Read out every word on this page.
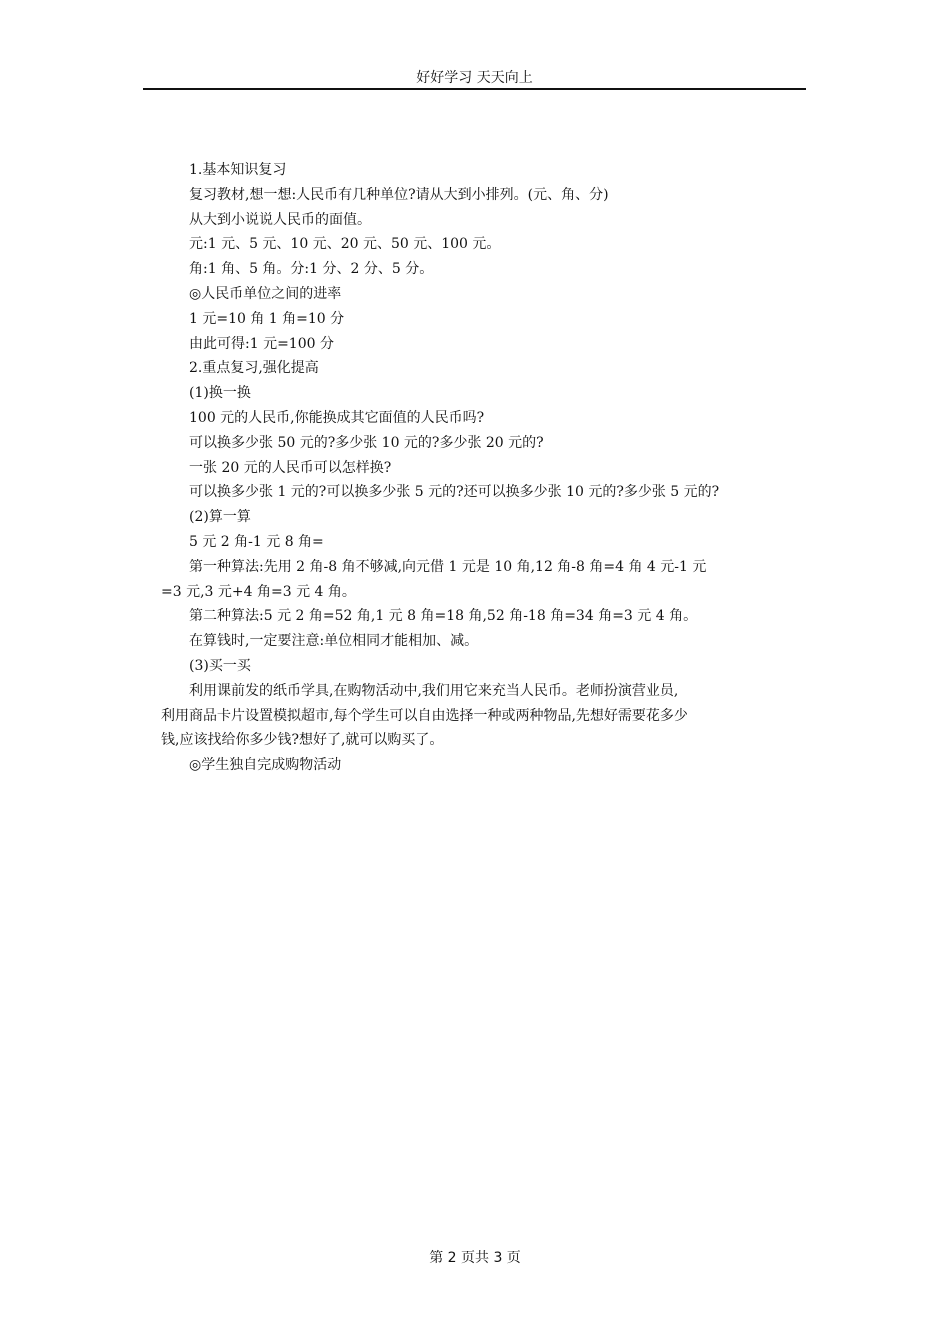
好好学习 天天向上
1.基本知识复习
复习教材,想一想:人民币有几种单位?请从大到小排列。(元、角、分)
从大到小说说人民币的面值。
元:1 元、5 元、10 元、20 元、50 元、100 元。
角:1 角、5 角。分:1 分、2 分、5 分。
◎人民币单位之间的进率
1 元=10 角 1 角=10 分
由此可得:1 元=100 分
2.重点复习,强化提高
(1)换一换
100 元的人民币,你能换成其它面值的人民币吗?
可以换多少张 50 元的?多少张 10 元的?多少张 20 元的?
一张 20 元的人民币可以怎样换?
可以换多少张 1 元的?可以换多少张 5 元的?还可以换多少张 10 元的?多少张 5 元的?
(2)算一算
5 元 2 角-1 元 8 角=
第一种算法:先用 2 角-8 角不够减,向元借 1 元是 10 角,12 角-8 角=4 角 4 元-1 元
=3 元,3 元+4 角=3 元 4 角。
第二种算法:5 元 2 角=52 角,1 元 8 角=18 角,52 角-18 角=34 角=3 元 4 角。
在算钱时,一定要注意:单位相同才能相加、减。
(3)买一买
利用课前发的纸币学具,在购物活动中,我们用它来充当人民币。老师扮演营业员,
利用商品卡片设置模拟超市,每个学生可以自由选择一种或两种物品,先想好需要花多少
钱,应该找给你多少钱?想好了,就可以购买了。
◎学生独自完成购物活动
第 2 页共 3 页
